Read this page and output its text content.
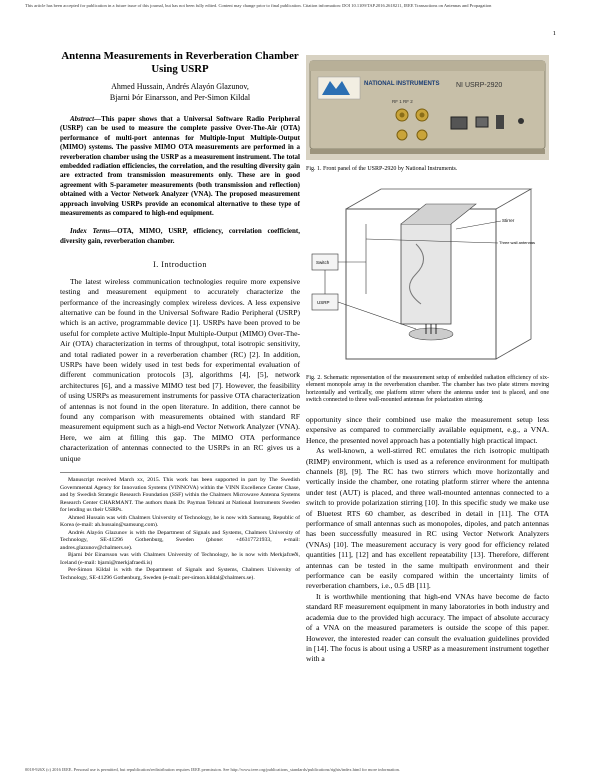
This article has been accepted for publication in a future issue of this journal, but has not been fully edited. Content may change prior to final publication. Citation information: DOI 10.1109/TAP.2016.2618211, IEEE Transactions on Antennas and Propagation
1
Antenna Measurements in Reverberation Chamber Using USRP
Ahmed Hussain, Andrés Alayón Glazunov,
Bjarni Þór Einarsson, and Per-Simon Kildal

Abstract—This paper shows that a Universal Software Radio Peripheral (USRP) can be used to measure the complete passive Over-The-Air (OTA) performance of multi-port antennas for Multiple-Input Multiple-Output (MIMO) systems. The passive MIMO OTA measurements are performed in a reverberation chamber using the USRP as a measurement instrument. The total embedded radiation efficiencies, the correlation, and the resulting diversity gain are extracted from transmission measurements only. These are in good agreement with S-parameter measurements (both transmission and reflection) obtained with a Vector Network Analyzer (VNA). The proposed measurement approach involving USRPs provide an economical alternative to these type of measurements as compared to high-end equipment.

Index Terms—OTA, MIMO, USRP, efficiency, correlation coefficient, diversity gain, reverberation chamber.

I. Introduction

The latest wireless communication technologies require more expensive testing and measurement equipment to accurately characterize the performance of the increasingly complex wireless devices. A less expensive alternative can be found in the Universal Software Radio Peripheral (USRP) which is an active, programmable device [1]. USRPs have been proved to be useful for complete active Multiple-Input Multiple-Output (MIMO) Over-The-Air (OTA) characterization in terms of throughput, total isotropic sensitivity, and total radiated power in a reverberation chamber (RC) [2]. In addition, USRPs have been widely used in test beds for experimental evaluation of different communication protocols [3], algorithms [4], [5], network architectures [6], and a massive MIMO test bed [7]. However, the feasibility of using USRPs as measurement instruments for passive OTA characterization of antennas is not found in the open literature. In addition, there cannot be found any comparison with measurements obtained with standard RF measurement equipment such as a high-end Vector Network Analyzer (VNA). Here, we aim at filling this gap. The MIMO OTA performance characterization of antennas connected to the USRPs in an RC gives us a unique

Manuscript received March xx, 2015. This work has been supported in part by The Swedish Governmental Agency for Innovation Systems (VINNOVA) within the VINN Excellence Center Chase, and by Swedish Strategic Research Foundation (SSF) within the Chalmers Microwave Antenna Systems Research Center CHARMANT. The authors thank Dr. Payman Tehrani at National Instruments Sweden for lending us their USRPs.

Ahmed Hussain was with Chalmers University of Technology, he is now with Samsung, Republic of Korea (e-mail: ah.hussain@samsung.com).

Andrés Alayón Glazunov is with the Department of Signals and Systems, Chalmers University of Technology, SE-41296 Gothenburg, Sweden (phone: +46317721933, e-mail: andres.glazunov@chalmers.se).

Bjarni Þór Einarsson was with Chalmers University of Technology, he is now with Merkjafræði, Iceland (e-mail: bjarni@merkjafraedi.is)

Per-Simon Kildal is with the Department of Signals and Systems, Chalmers University of Technology, SE-41296 Gothenburg, Sweden (e-mail: per-simon.kildal@chalmers.se).

NATIONAL INSTRUMENTS NI USRP-2920
RF 1 RF 2
Fig. 1. Front panel of the USRP-2920 by National Instruments.
Switch
USRP
Stirrer
Three wall antennas
Fig. 2. Schematic representation of the measurement setup of embedded radiation efficiency of six-element monopole array in the reverberation chamber. The chamber has two plate stirrers moving horizontally and vertically, one platform stirrer where the antenna under test is placed, and one switch connected to three wall-mounted antennas for polarization stirring.

opportunity since their combined use make the measurement setup less expensive as compared to commercially available equipment, e.g., a VNA. Hence, the presented novel approach has a potentially high practical impact.

As well-known, a well-stirred RC emulates the rich isotropic multipath (RIMP) environment, which is used as a reference environment for multipath channels [8], [9]. The RC has two stirrers which move horizontally and vertically inside the chamber, one rotating platform stirrer where the antenna under test (AUT) is placed, and three wall-mounted antennas connected to a switch to provide polarization stirring [10]. In this specific study we make use of Bluetest RTS 60 chamber, as described in detail in [11]. The OTA performance of small antennas such as monopoles, dipoles, and patch antennas has been successfully measured in RC using Vector Network Analyzers (VNAs) [10]. The measurement accuracy is very good for efficiency related quantities [11], [12] and has excellent repeatability [13]. Therefore, different antennas can be tested in the same multipath environment and their performance can be easily compared within the uncertainty limits of reverberation chambers, i.e., 0.5 dB [11].

It is worthwhile mentioning that high-end VNAs have become de facto standard RF measurement equipment in many laboratories in both industry and academia due to the provided high accuracy. The impact of absolute accuracy of a VNA on the measured parameters is outside the scope of this paper. However, the interested reader can consult the evaluation guidelines provided in [14]. The focus is about using a USRP as a measurement instrument together with a

0018-926X (c) 2016 IEEE. Personal use is permitted, but republication/redistribution requires IEEE permission. See http://www.ieee.org/publications_standards/publications/rights/index.html for more information.
